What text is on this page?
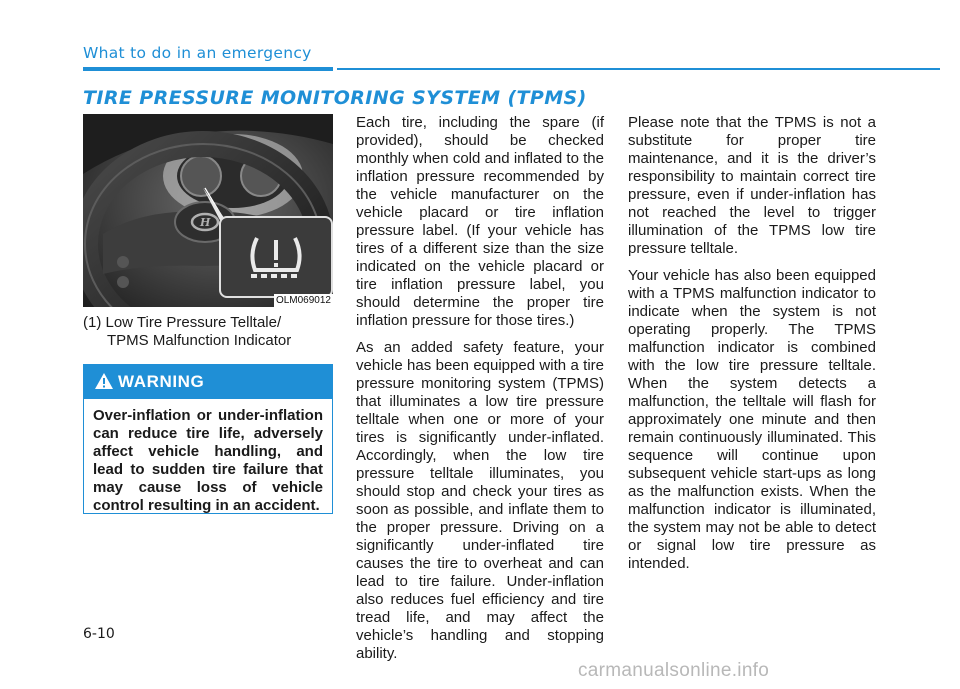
What to do in an emergency
TIRE PRESSURE MONITORING SYSTEM (TPMS)
H
OLM069012
(1) Low Tire Pressure Telltale/
TPMS Malfunction Indicator
WARNING
Over-inflation or under-inflation can reduce tire life, adversely affect vehicle handling, and lead to sudden tire failure that may cause loss of vehicle control resulting in an accident.

Each tire, including the spare (if provided), should be checked monthly when cold and inflated to the inflation pressure recommended by the vehicle manufacturer on the vehicle placard or tire inflation pressure label. (If your vehicle has tires of a different size than the size indicated on the vehicle placard or tire inflation pressure label, you should determine the proper tire inflation pressure for those tires.)

As an added safety feature, your vehicle has been equipped with a tire pressure monitoring system (TPMS) that illuminates a low tire pressure telltale when one or more of your tires is significantly under-inflated. Accordingly, when the low tire pressure telltale illuminates, you should stop and check your tires as soon as possible, and inflate them to the proper pressure. Driving on a significantly under-inflated tire causes the tire to overheat and can lead to tire failure. Under-inflation also reduces fuel efficiency and tire tread life, and may affect the vehicle’s handling and stopping ability.

Please note that the TPMS is not a substitute for proper tire maintenance, and it is the driver’s responsibility to maintain correct tire pressure, even if under-inflation has not reached the level to trigger illumination of the TPMS low tire pressure telltale.

Your vehicle has also been equipped with a TPMS malfunction indicator to indicate when the system is not operating properly. The TPMS malfunction indicator is combined with the low tire pressure telltale. When the system detects a malfunction, the telltale will flash for approximately one minute and then remain continuously illuminated. This sequence will continue upon subsequent vehicle start-ups as long as the malfunction exists. When the malfunction indicator is illuminated, the system may not be able to detect or signal low tire pressure as intended.

6-10
carmanualsonline.info
